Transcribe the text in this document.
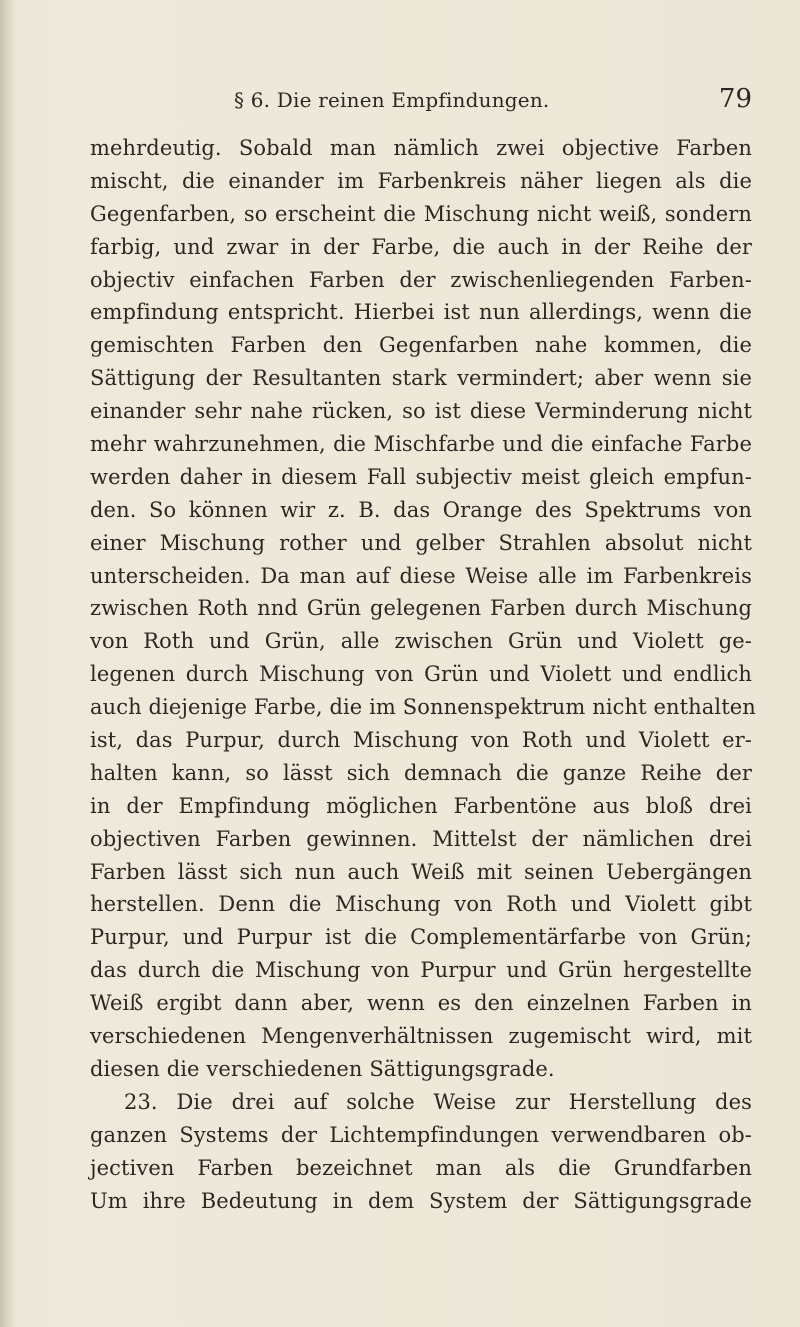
§ 6. Die reinen Empfindungen.	79
mehrdeutig. Sobald man nämlich zwei objective Farben
mischt, die einander im Farbenkreis näher liegen als die
Gegenfarben, so erscheint die Mischung nicht weiß, sondern
farbig, und zwar in der Farbe, die auch in der Reihe der
objectiv einfachen Farben der zwischenliegenden Farben-
empfindung entspricht. Hierbei ist nun allerdings, wenn die
gemischten Farben den Gegenfarben nahe kommen, die
Sättigung der Resultanten stark vermindert; aber wenn sie
einander sehr nahe rücken, so ist diese Verminderung nicht
mehr wahrzunehmen, die Mischfarbe und die einfache Farbe
werden daher in diesem Fall subjectiv meist gleich empfun-
den. So können wir z. B. das Orange des Spektrums von
einer Mischung rother und gelber Strahlen absolut nicht
unterscheiden. Da man auf diese Weise alle im Farbenkreis
zwischen Roth nnd Grün gelegenen Farben durch Mischung
von Roth und Grün, alle zwischen Grün und Violett ge-
legenen durch Mischung von Grün und Violett und endlich
auch diejenige Farbe, die im Sonnenspektrum nicht enthalten
ist, das Purpur, durch Mischung von Roth und Violett er-
halten kann, so lässt sich demnach die ganze Reihe der
in der Empfindung möglichen Farbentöne aus bloß drei
objectiven Farben gewinnen. Mittelst der nämlichen drei
Farben lässt sich nun auch Weiß mit seinen Uebergängen
herstellen. Denn die Mischung von Roth und Violett gibt
Purpur, und Purpur ist die Complementärfarbe von Grün;
das durch die Mischung von Purpur und Grün hergestellte
Weiß ergibt dann aber, wenn es den einzelnen Farben in
verschiedenen Mengenverhältnissen zugemischt wird, mit
diesen die verschiedenen Sättigungsgrade.
23. Die drei auf solche Weise zur Herstellung des
ganzen Systems der Lichtempfindungen verwendbaren ob-
jectiven Farben bezeichnet man als die Grundfarben
Um ihre Bedeutung in dem System der Sättigungsgrade
